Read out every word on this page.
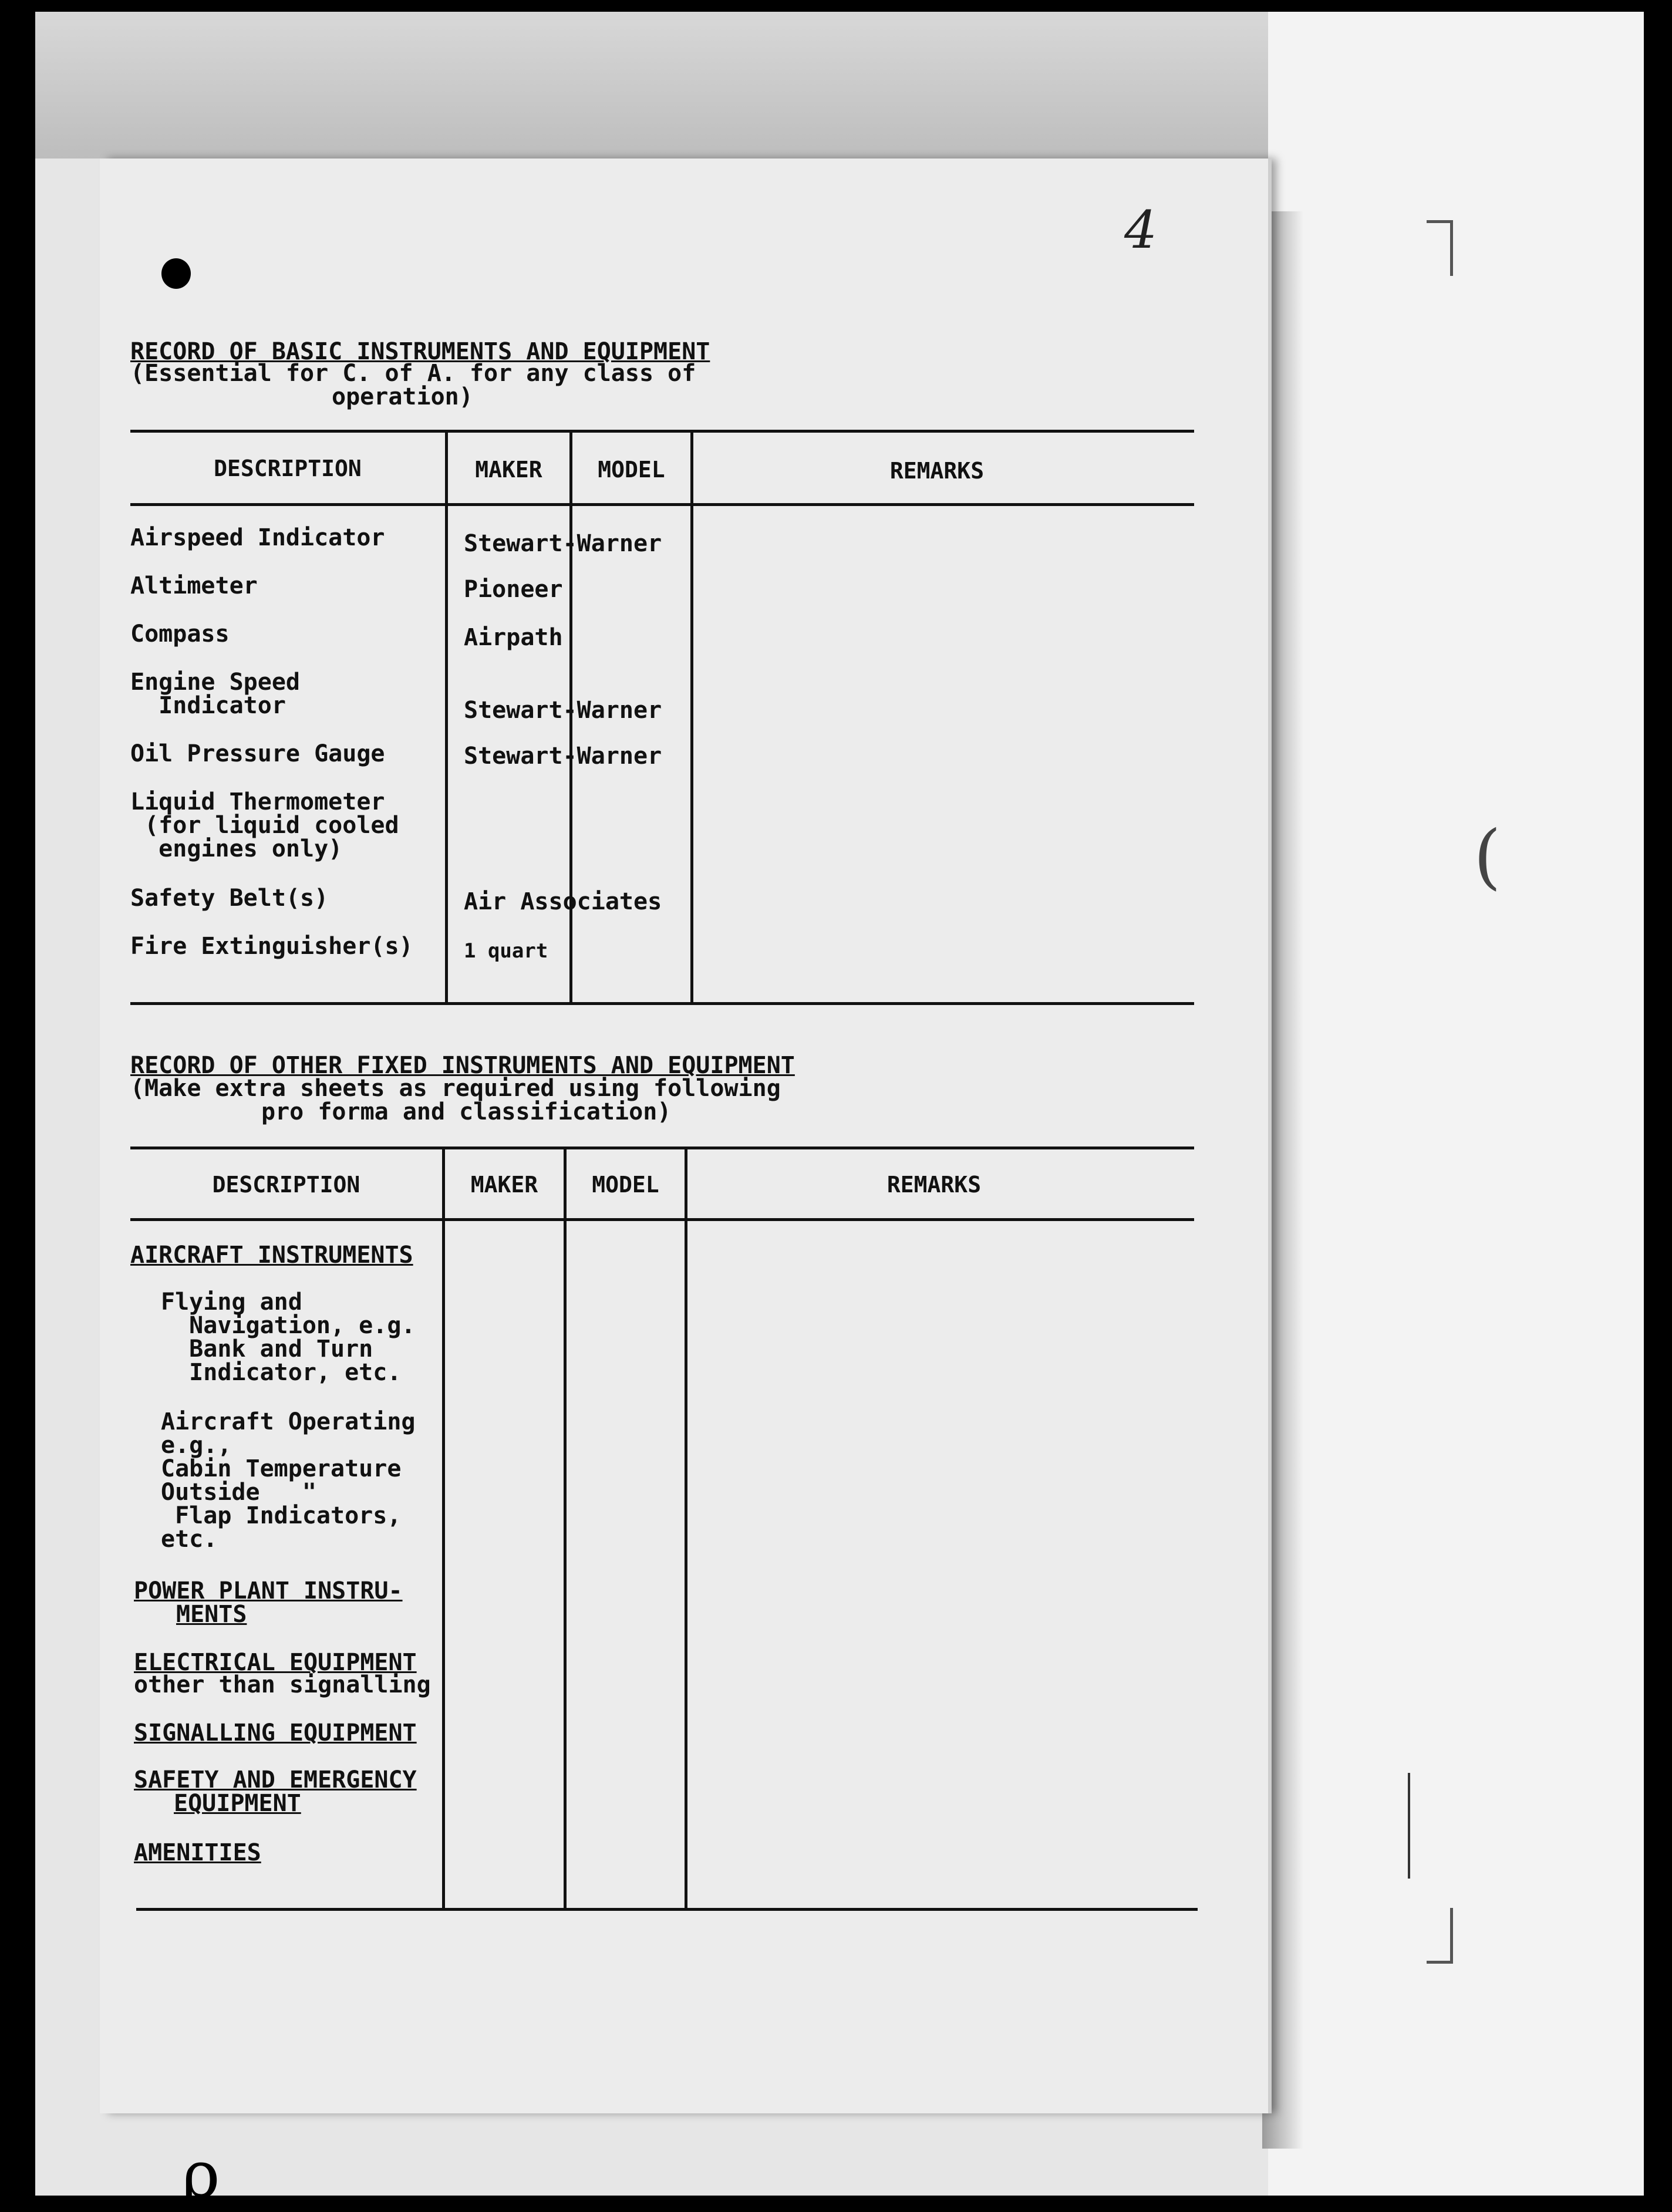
4
(
ρ
RECORD OF BASIC INSTRUMENTS AND EQUIPMENT
(Essential for C. of A. for any class of
operation)
DESCRIPTION	MAKER	MODEL	REMARKS
Airspeed Indicator	Stewart-Warner
Altimeter	Pioneer
Compass	Airpath
Engine Speed
Indicator	Stewart-Warner
Oil Pressure Gauge	Stewart-Warner
Liquid Thermometer
(for liquid cooled
engines only)
Safety Belt(s)	Air Associates
Fire Extinguisher(s)	1 quart
RECORD OF OTHER FIXED INSTRUMENTS AND EQUIPMENT
(Make extra sheets as required using following
pro forma and classification)
DESCRIPTION	MAKER	MODEL	REMARKS
AIRCRAFT INSTRUMENTS
Flying and
Navigation, e.g.
Bank and Turn
Indicator, etc.
Aircraft Operating
e.g.,
Cabin Temperature
Outside   "
Flap Indicators,
etc.
POWER PLANT INSTRU-
MENTS
ELECTRICAL EQUIPMENT
other than signalling
SIGNALLING EQUIPMENT
SAFETY AND EMERGENCY
EQUIPMENT
AMENITIES
